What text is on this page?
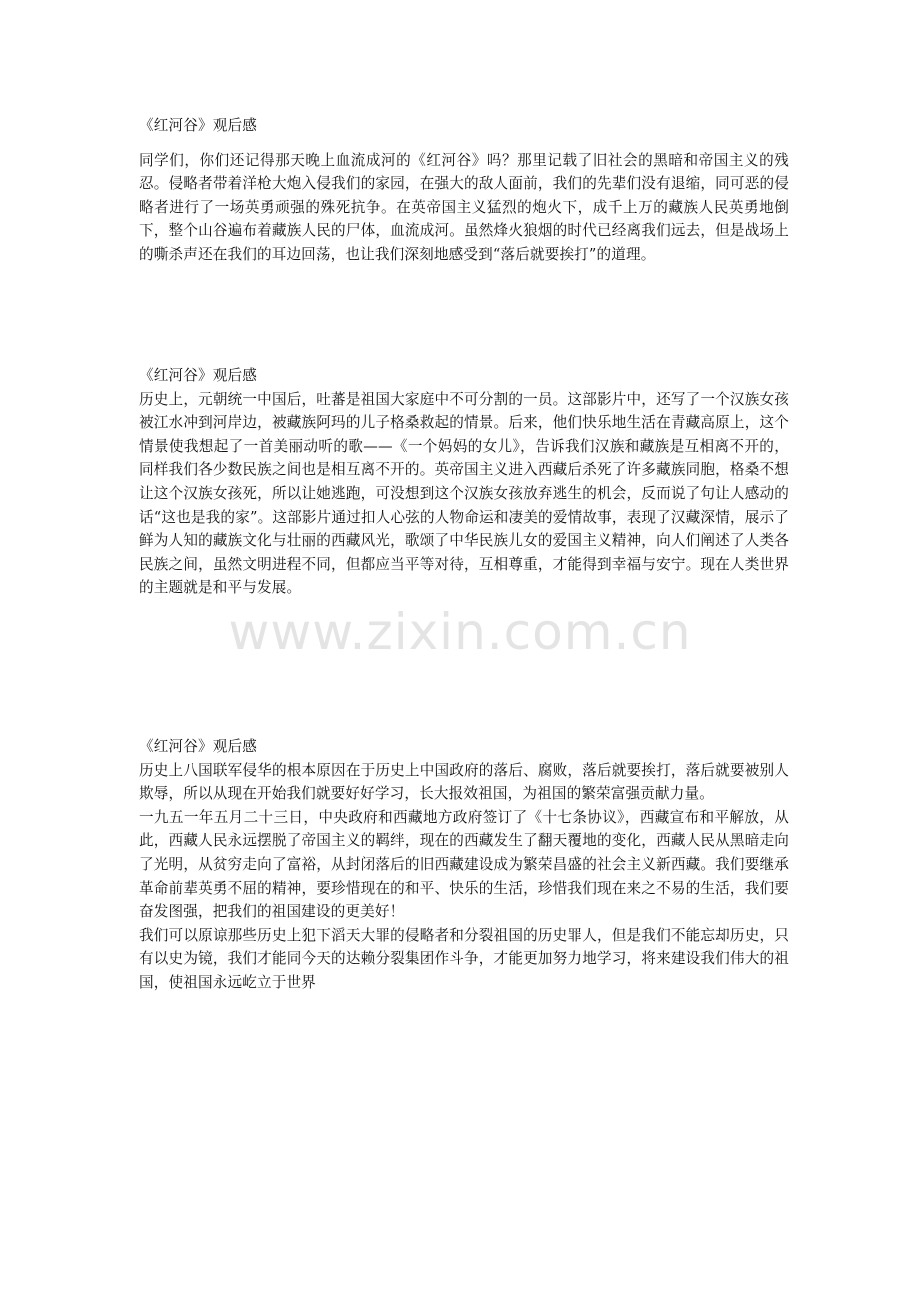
《红河谷》观后感

同学们，你们还记得那天晚上血流成河的《红河谷》吗？那里记载了旧社会的黑暗和帝国主义的残忍。侵略者带着洋枪大炮入侵我们的家园，在强大的敌人面前，我们的先辈们没有退缩，同可恶的侵略者进行了一场英勇顽强的殊死抗争。在英帝国主义猛烈的炮火下，成千上万的藏族人民英勇地倒下，整个山谷遍布着藏族人民的尸体，血流成河。虽然烽火狼烟的时代已经离我们远去，但是战场上的嘶杀声还在我们的耳边回荡，也让我们深刻地感受到“落后就要挨打”的道理。

《红河谷》观后感

历史上，元朝统一中国后，吐蕃是祖国大家庭中不可分割的一员。这部影片中，还写了一个汉族女孩被江水冲到河岸边，被藏族阿玛的儿子格桑救起的情景。后来，他们快乐地生活在青藏高原上，这个情景使我想起了一首美丽动听的歌——《一个妈妈的女儿》，告诉我们汉族和藏族是互相离不开的，同样我们各少数民族之间也是相互离不开的。英帝国主义进入西藏后杀死了许多藏族同胞，格桑不想让这个汉族女孩死，所以让她逃跑，可没想到这个汉族女孩放弃逃生的机会，反而说了句让人感动的话“这也是我的家”。这部影片通过扣人心弦的人物命运和凄美的爱情故事，表现了汉藏深情，展示了鲜为人知的藏族文化与壮丽的西藏风光，歌颂了中华民族儿女的爱国主义精神，向人们阐述了人类各民族之间，虽然文明进程不同，但都应当平等对待，互相尊重，才能得到幸福与安宁。现在人类世界的主题就是和平与发展。

www.zixin.com.cn

《红河谷》观后感

历史上八国联军侵华的根本原因在于历史上中国政府的落后、腐败，落后就要挨打，落后就要被别人欺辱，所以从现在开始我们就要好好学习，长大报效祖国，为祖国的繁荣富强贡献力量。

一九五一年五月二十三日，中央政府和西藏地方政府签订了《十七条协议》，西藏宣布和平解放，从此，西藏人民永远摆脱了帝国主义的羁绊，现在的西藏发生了翻天覆地的变化，西藏人民从黑暗走向了光明，从贫穷走向了富裕，从封闭落后的旧西藏建设成为繁荣昌盛的社会主义新西藏。我们要继承革命前辈英勇不屈的精神，要珍惜现在的和平、快乐的生活，珍惜我们现在来之不易的生活，我们要奋发图强，把我们的祖国建设的更美好！

我们可以原谅那些历史上犯下滔天大罪的侵略者和分裂祖国的历史罪人，但是我们不能忘却历史，只有以史为镜，我们才能同今天的达赖分裂集团作斗争，才能更加努力地学习，将来建设我们伟大的祖国，使祖国永远屹立于世界
